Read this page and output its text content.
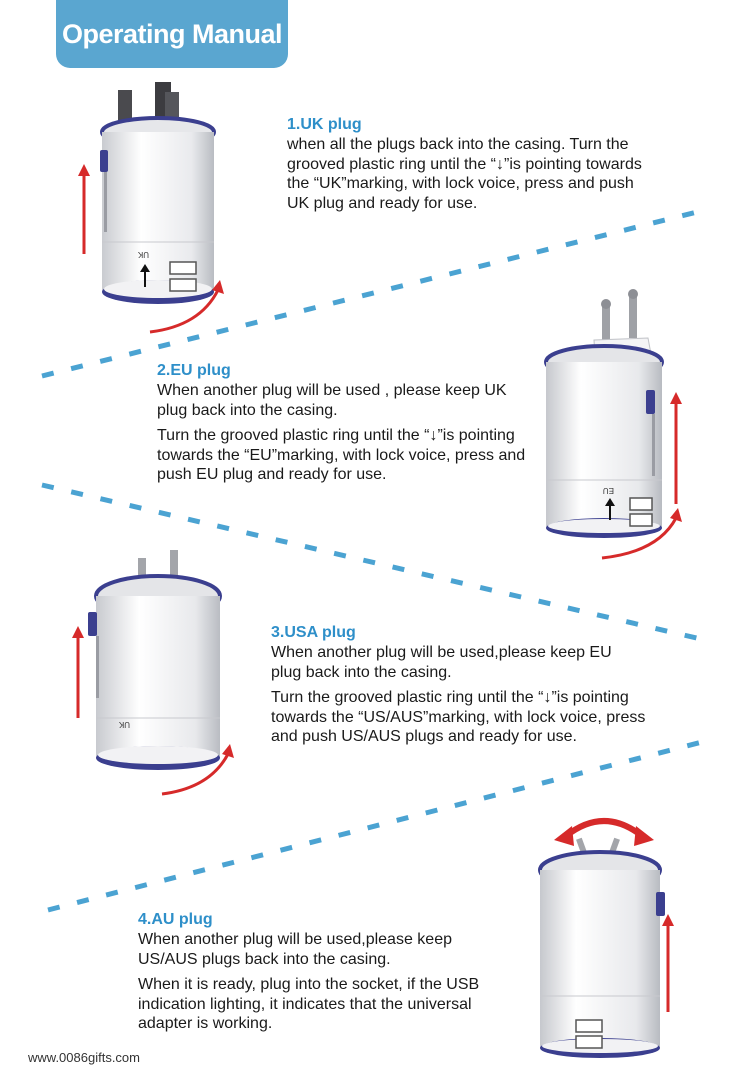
Operating Manual
1.UK plug

when all the plugs back into the casing. Turn the grooved plastic ring until the “↓”is pointing towards the “UK”marking, with lock voice, press and push UK plug and ready for use.

2.EU plug

When another plug will be used , please keep UK plug back into the casing.

Turn the grooved plastic ring until the “↓”is pointing towards the “EU”marking, with lock voice, press and push EU plug and ready for use.

3.USA plug

When another plug will be used,please keep EU plug back into the casing.

Turn the grooved plastic ring until the “↓”is pointing towards the “US/AUS”marking, with lock voice, press and push US/AUS plugs and ready for use.

4.AU plug

When another plug will be used,please keep US/AUS plugs back into the casing.

When it is ready, plug into the socket, if the USB indication lighting, it indicates that the universal adapter is working.

UK
EU
UK
www.0086gifts.com
